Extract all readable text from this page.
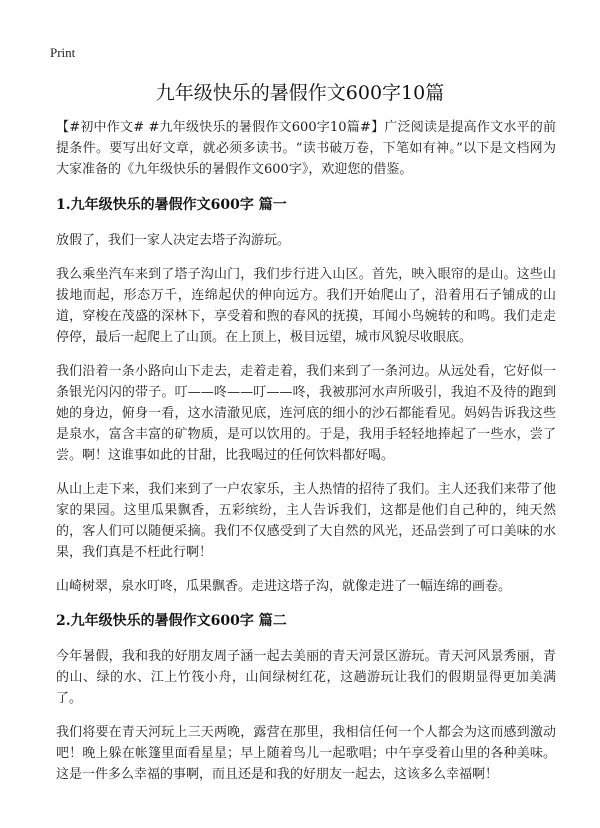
Print
九年级快乐的暑假作文600字10篇

【#初中作文# #九年级快乐的暑假作文600字10篇#】广泛阅读是提高作文水平的前提条件。要写出好文章，就必须多读书。“读书破万卷，下笔如有神。”以下是文档网为大家准备的《九年级快乐的暑假作文600字》，欢迎您的借鉴。

1.九年级快乐的暑假作文600字 篇一

放假了，我们一家人决定去塔子沟游玩。

我么乘坐汽车来到了塔子沟山门，我们步行进入山区。首先，映入眼帘的是山。这些山拔地而起，形态万千，连绵起伏的伸向远方。我们开始爬山了，沿着用石子铺成的山道，穿梭在茂盛的深林下，享受着和煦的春风的抚摸，耳闻小鸟婉转的和鸣。我们走走停停，最后一起爬上了山顶。在上顶上，极目远望，城市风貌尽收眼底。

我们沿着一条小路向山下走去，走着走着，我们来到了一条河边。从远处看，它好似一条银光闪闪的带子。叮——咚——叮——咚，我被那河水声所吸引，我迫不及待的跑到她的身边，俯身一看，这水清澈见底，连河底的细小的沙石都能看见。妈妈告诉我这些是泉水，富含丰富的矿物质，是可以饮用的。于是，我用手轻轻地捧起了一些水，尝了尝。啊！这谁事如此的甘甜，比我喝过的任何饮料都好喝。

从山上走下来，我们来到了一户农家乐，主人热情的招待了我们。主人还我们来带了他家的果园。这里瓜果飘香，五彩缤纷，主人告诉我们，这都是他们自己种的，纯天然的，客人们可以随便采摘。我们不仅感受到了大自然的风光，还品尝到了可口美味的水果，我们真是不枉此行啊！

山崎树翠，泉水叮咚，瓜果飘香。走进这塔子沟，就像走进了一幅连绵的画卷。

2.九年级快乐的暑假作文600字 篇二

今年暑假，我和我的好朋友周子涵一起去美丽的青天河景区游玩。青天河风景秀丽，青的山、绿的水、江上竹筏小舟，山间绿树红花，这趟游玩让我们的假期显得更加美满了。

我们将要在青天河玩上三天两晚，露营在那里，我相信任何一个人都会为这而感到激动吧！晚上躲在帐篷里面看星星；早上随着鸟儿一起歌唱；中午享受着山里的各种美味。这是一件多么幸福的事啊，而且还是和我的好朋友一起去，这该多么幸福啊！
